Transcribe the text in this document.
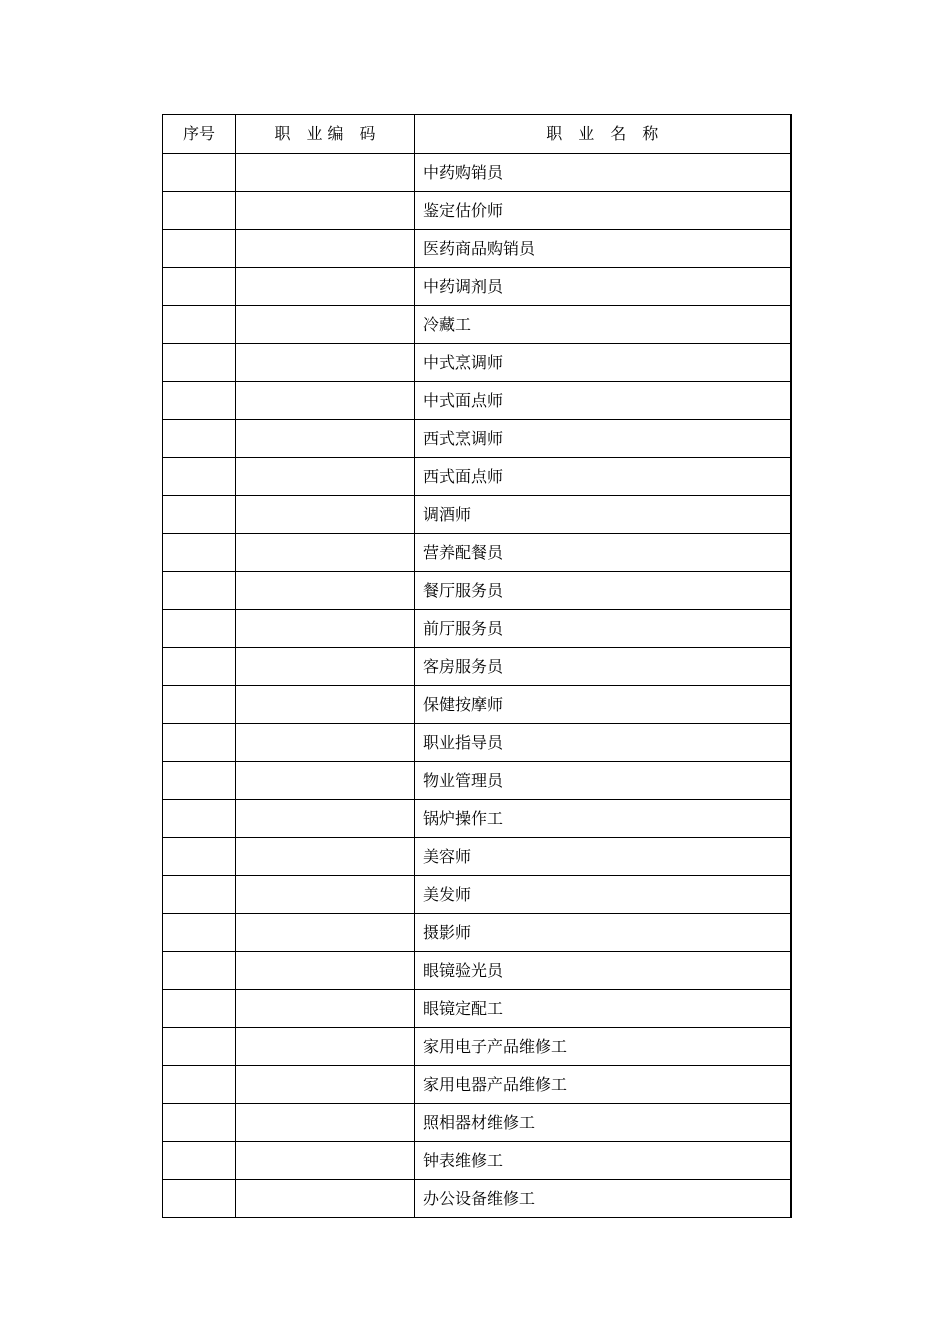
序号	职　业 编　码	职　业　名　称
		中药购销员
		鉴定估价师
		医药商品购销员
		中药调剂员
		冷藏工
		中式烹调师
		中式面点师
		西式烹调师
		西式面点师
		调酒师
		营养配餐员
		餐厅服务员
		前厅服务员
		客房服务员
		保健按摩师
		职业指导员
		物业管理员
		锅炉操作工
		美容师
		美发师
		摄影师
		眼镜验光员
		眼镜定配工
		家用电子产品维修工
		家用电器产品维修工
		照相器材维修工
		钟表维修工
		办公设备维修工
